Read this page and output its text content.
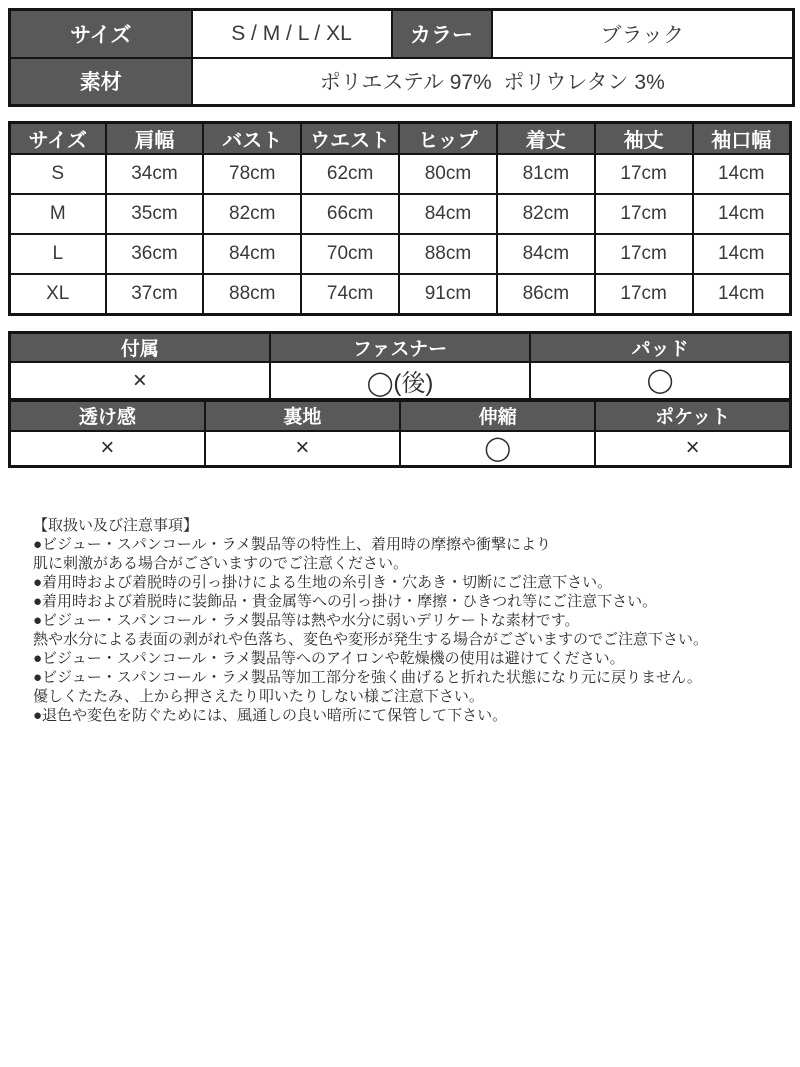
サイズ	S / M / L / XL	カラー	ブラック
素材	ポリエステル 97%  ポリウレタン 3%		
サイズ	肩幅	バスト	ウエスト	ヒップ	着丈	袖丈	袖口幅
S	34cm	78cm	62cm	80cm	81cm	17cm	14cm
M	35cm	82cm	66cm	84cm	82cm	17cm	14cm
L	36cm	84cm	70cm	88cm	84cm	17cm	14cm
XL	37cm	88cm	74cm	91cm	86cm	17cm	14cm
付属	ファスナー	パッド
×	◯(後)	◯
透け感	裏地	伸縮	ポケット
×	×	◯	×
【取扱い及び注意事項】
●ビジュー・スパンコール・ラメ製品等の特性上、着用時の摩擦や衝撃により
肌に刺激がある場合がございますのでご注意ください。
●着用時および着脱時の引っ掛けによる生地の糸引き・穴あき・切断にご注意下さい。
●着用時および着脱時に装飾品・貴金属等への引っ掛け・摩擦・ひきつれ等にご注意下さい。
●ビジュー・スパンコール・ラメ製品等は熱や水分に弱いデリケートな素材です。
熱や水分による表面の剥がれや色落ち、変色や変形が発生する場合がございますのでご注意下さい。
●ビジュー・スパンコール・ラメ製品等へのアイロンや乾燥機の使用は避けてください。
●ビジュー・スパンコール・ラメ製品等加工部分を強く曲げると折れた状態になり元に戻りません。
優しくたたみ、上から押さえたり叩いたりしない様ご注意下さい。
●退色や変色を防ぐためには、風通しの良い暗所にて保管して下さい。
